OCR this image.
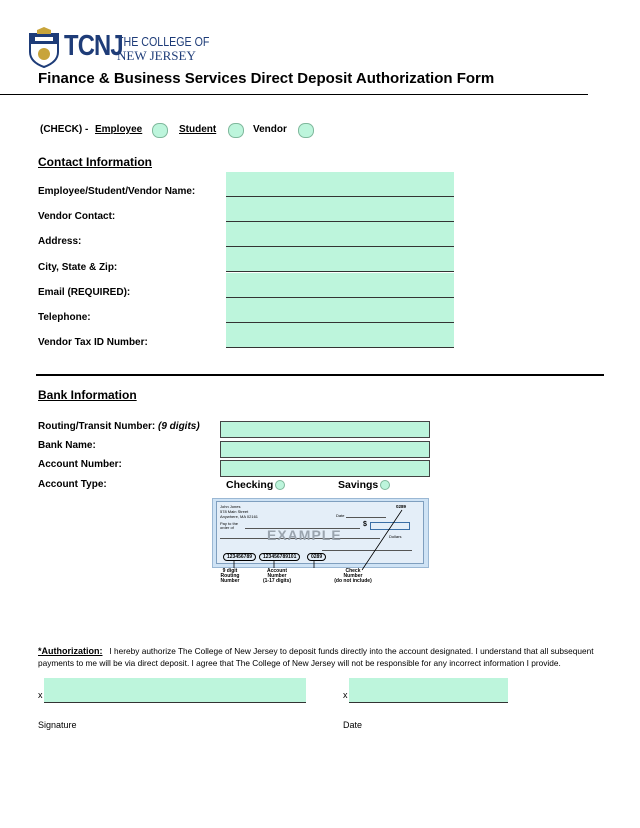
TCNJ
THE COLLEGE OF
NEW JERSEY
Finance & Business Services Direct Deposit Authorization Form
(CHECK) - Employee	Student	Vendor
Contact Information
Employee/Student/Vendor Name:
Vendor Contact:
Address:
City, State & Zip:
Email (REQUIRED):
Telephone:
Vendor Tax ID Number:
Bank Information
Routing/Transit Number: (9 digits)
Bank Name:
Account Number:
Account Type:	Checking	Savings
John Jones
578 Main Street
Anywhere, MA 02161
0289
Date
Pay to the order of	$
Dollars
EXAMPLE
123456789	123456789101	0289
9 digit
Routing
Number
Account
Number
(1-17 digits)
Check
Number
(do not include)
*Authorization: I hereby authorize The College of New Jersey to deposit funds directly into the account designated. I understand that all subsequent payments to me will be via direct deposit. I agree that The College of New Jersey will not be responsible for any incorrect information I provide.
x	x
Signature	Date
